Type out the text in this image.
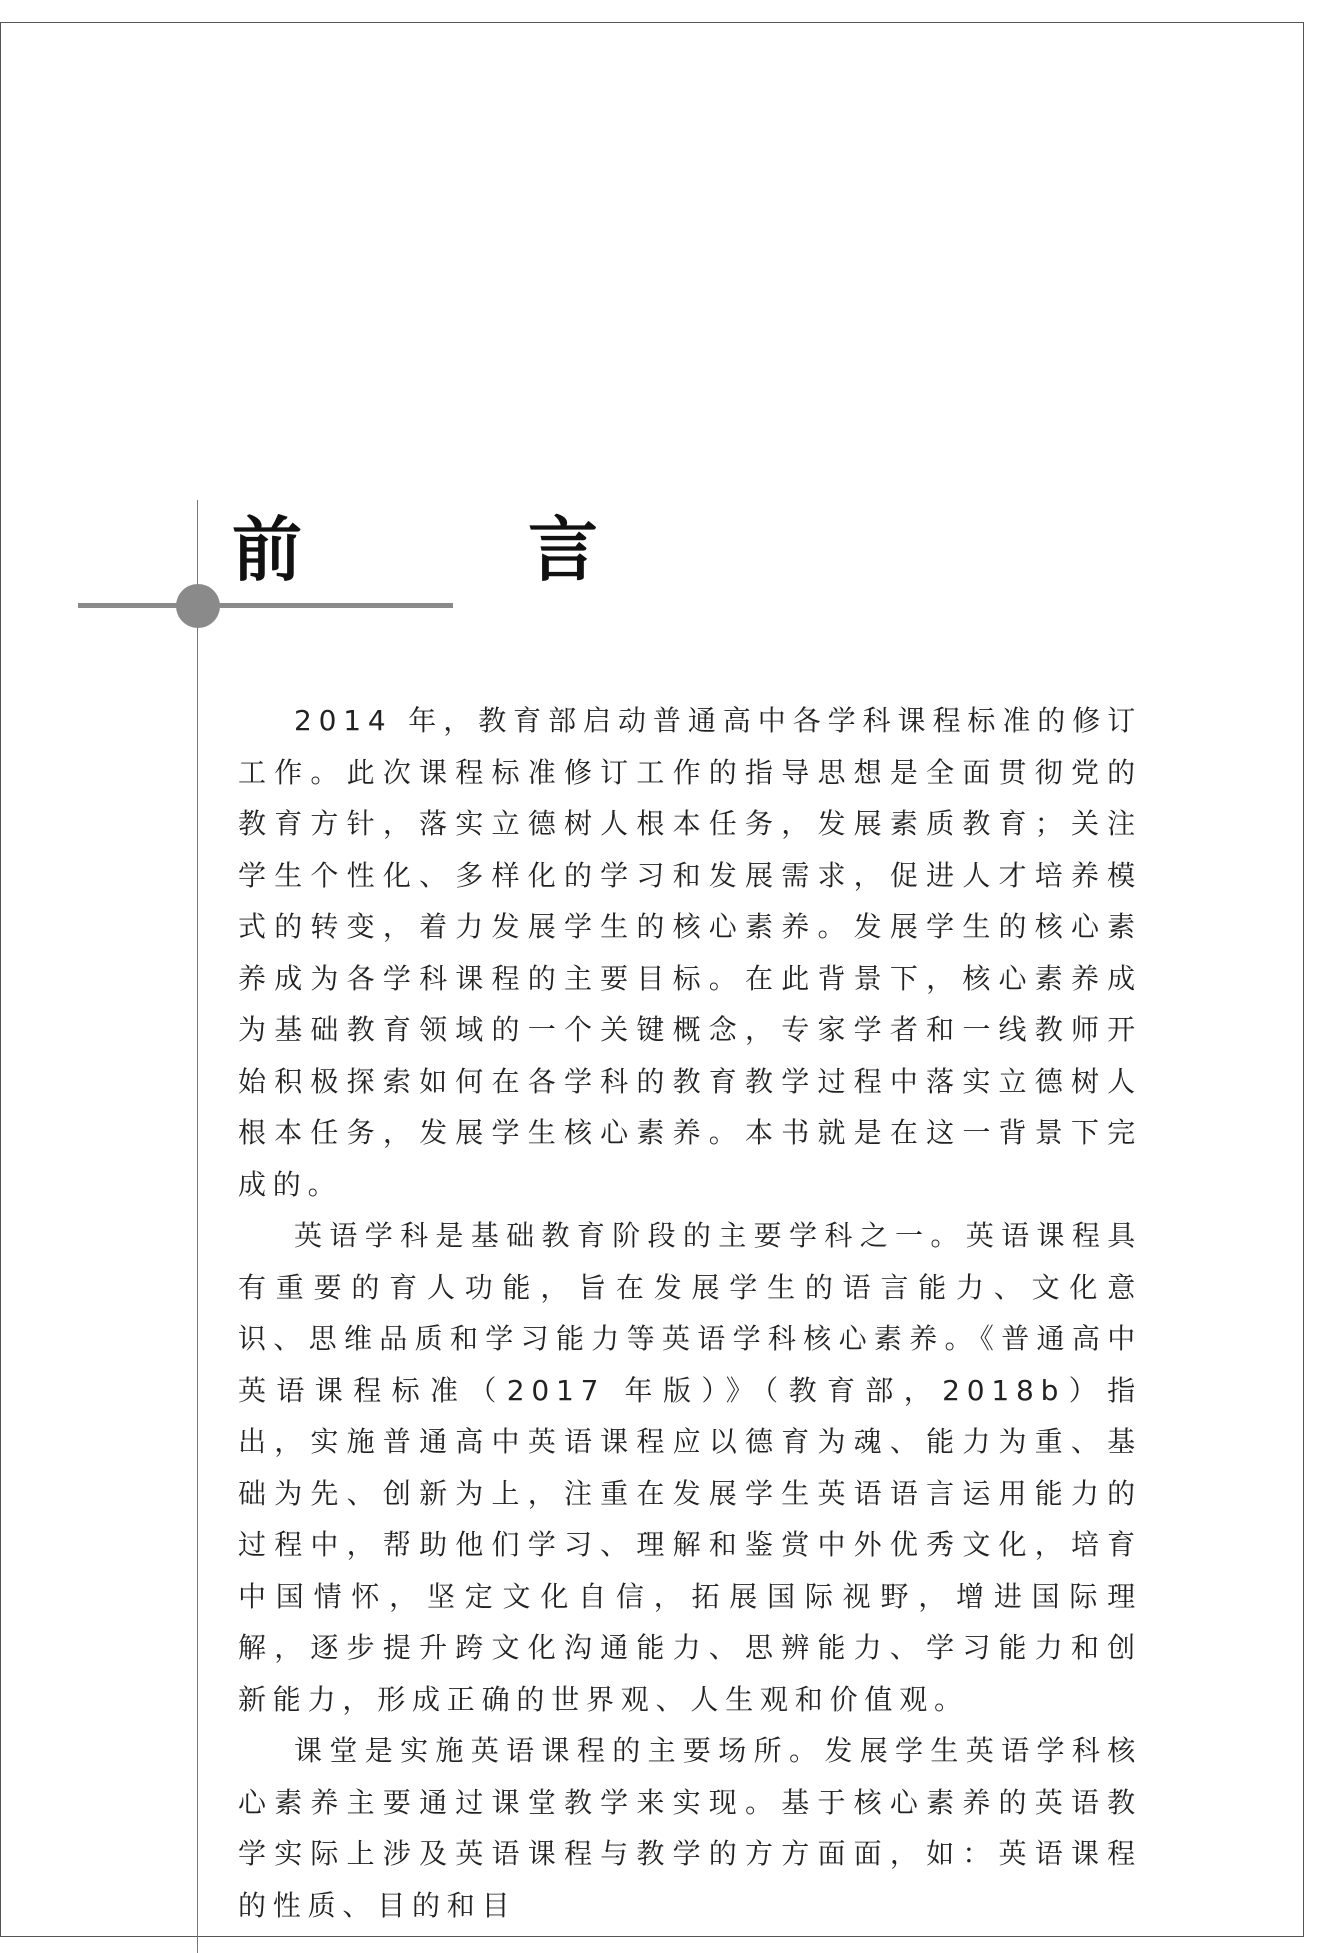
前　言

2014 年，教育部启动普通高中各学科课程标准的修订工作。此次课程标准修订工作的指导思想是全面贯彻党的教育方针，落实立德树人根本任务，发展素质教育；关注学生个性化、多样化的学习和发展需求，促进人才培养模式的转变，着力发展学生的核心素养。发展学生的核心素养成为各学科课程的主要目标。在此背景下，核心素养成为基础教育领域的一个关键概念，专家学者和一线教师开始积极探索如何在各学科的教育教学过程中落实立德树人根本任务，发展学生核心素养。本书就是在这一背景下完成的。

英语学科是基础教育阶段的主要学科之一。英语课程具有重要的育人功能，旨在发展学生的语言能力、文化意识、思维品质和学习能力等英语学科核心素养。《普通高中英语课程标准（2017 年版）》（教育部，2018b）指出，实施普通高中英语课程应以德育为魂、能力为重、基础为先、创新为上，注重在发展学生英语语言运用能力的过程中，帮助他们学习、理解和鉴赏中外优秀文化，培育中国情怀，坚定文化自信，拓展国际视野，增进国际理解，逐步提升跨文化沟通能力、思辨能力、学习能力和创新能力，形成正确的世界观、人生观和价值观。

课堂是实施英语课程的主要场所。发展学生英语学科核心素养主要通过课堂教学来实现。基于核心素养的英语教学实际上涉及英语课程与教学的方方面面，如：英语课程的性质、目的和目
